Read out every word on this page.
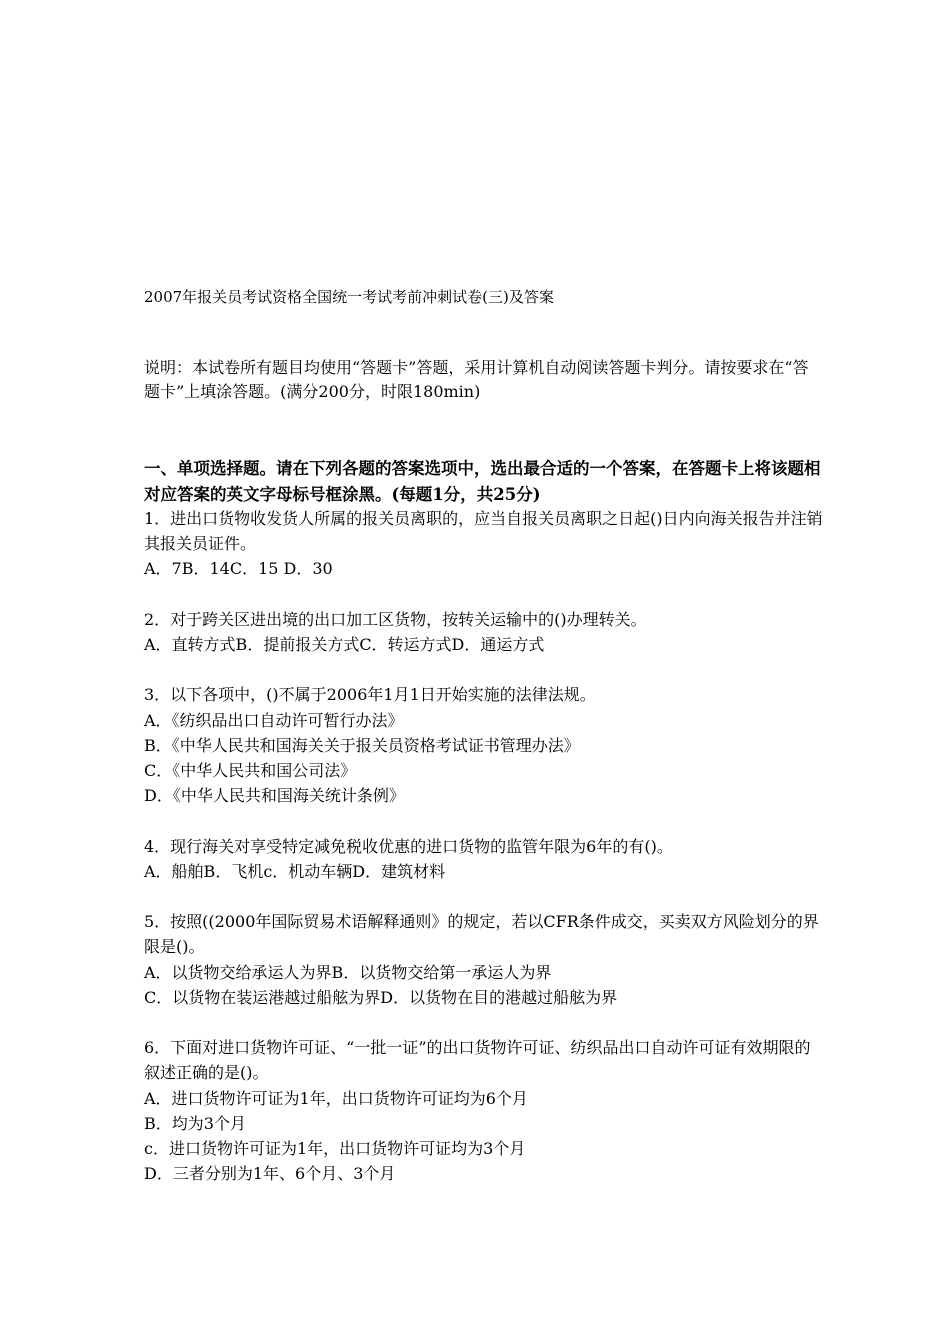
2007年报关员考试资格全国统一考试考前冲刺试卷(三)及答案
说明：本试卷所有题目均使用“答题卡”答题，采用计算机自动阅读答题卡判分。请按要求在“答题卡”上填涂答题。(满分200分，时限180min)
一、单项选择题。请在下列各题的答案选项中，选出最合适的一个答案，在答题卡上将该题相对应答案的英文字母标号框涂黑。(每题1分，共25分)

1．进出口货物收发货人所属的报关员离职的，应当自报关员离职之日起()日内向海关报告并注销其报关员证件。

A．7B．14C．15 D．30

2．对于跨关区进出境的出口加工区货物，按转关运输中的()办理转关。

A．直转方式B．提前报关方式C．转运方式D．通运方式

3．以下各项中，()不属于2006年1月1日开始实施的法律法规。

A．《纺织品出口自动许可暂行办法》

B．《中华人民共和国海关关于报关员资格考试证书管理办法》

C．《中华人民共和国公司法》

D．《中华人民共和国海关统计条例》

4．现行海关对享受特定减免税收优惠的进口货物的监管年限为6年的有()。

A．船舶B．飞机c．机动车辆D．建筑材料

5．按照((2000年国际贸易术语解释通则》的规定，若以CFR条件成交，买卖双方风险划分的界限是()。

A．以货物交给承运人为界B．以货物交给第一承运人为界

C．以货物在装运港越过船舷为界D．以货物在目的港越过船舷为界

6．下面对进口货物许可证、“一批一证”的出口货物许可证、纺织品出口自动许可证有效期限的叙述正确的是()。

A．进口货物许可证为1年，出口货物许可证均为6个月

B．均为3个月

c．进口货物许可证为1年，出口货物许可证均为3个月

D．三者分别为1年、6个月、3个月
